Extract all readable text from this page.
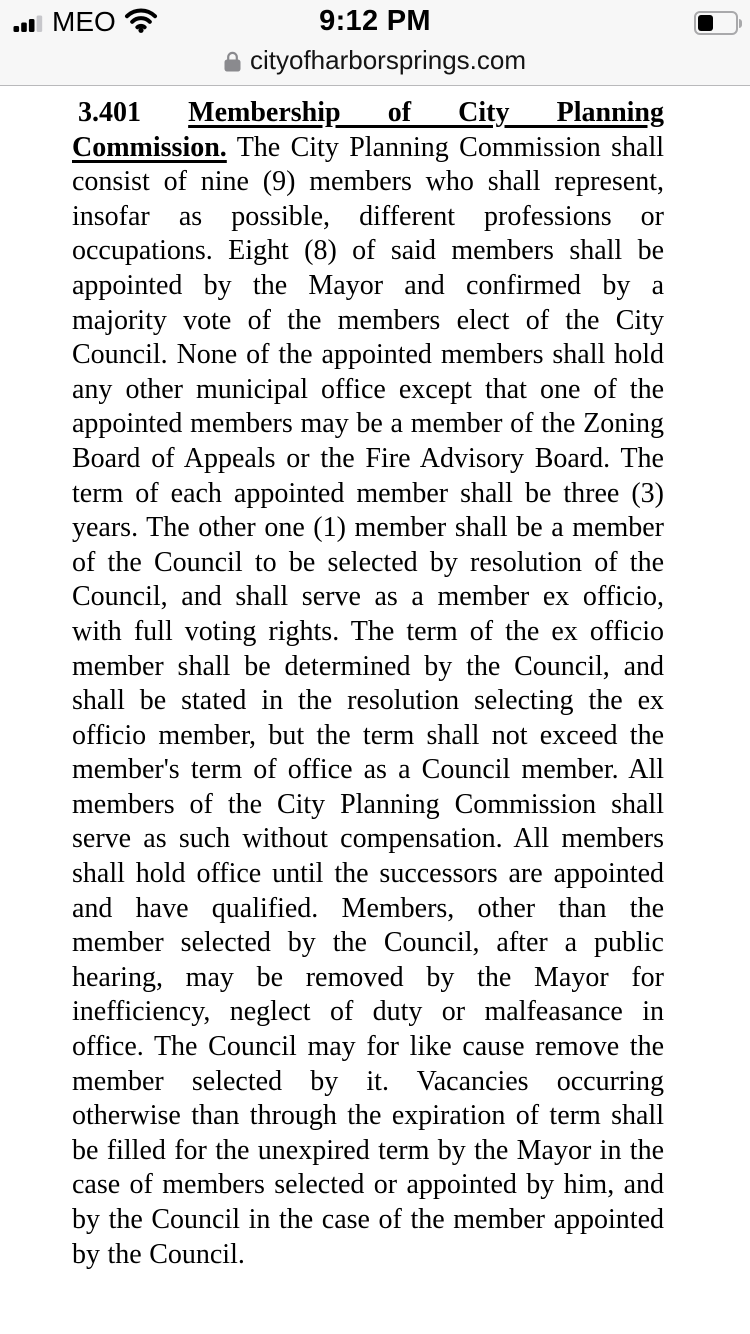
MEO	9:12 PM
cityofharborsprings.com

3.401 Membership of City Planning Commission. The City Planning Commission shall consist of nine (9) members who shall represent, insofar as possible, different professions or occupations. Eight (8) of said members shall be appointed by the Mayor and confirmed by a majority vote of the members elect of the City Council. None of the appointed members shall hold any other municipal office except that one of the appointed members may be a member of the Zoning Board of Appeals or the Fire Advisory Board. The term of each appointed member shall be three (3) years. The other one (1) member shall be a member of the Council to be selected by resolution of the Council, and shall serve as a member ex officio, with full voting rights. The term of the ex officio member shall be determined by the Council, and shall be stated in the resolution selecting the ex officio member, but the term shall not exceed the member's term of office as a Council member. All members of the City Planning Commission shall serve as such without compensation. All members shall hold office until the successors are appointed and have qualified. Members, other than the member selected by the Council, after a public hearing, may be removed by the Mayor for inefficiency, neglect of duty or malfeasance in office. The Council may for like cause remove the member selected by it. Vacancies occurring otherwise than through the expiration of term shall be filled for the unexpired term by the Mayor in the case of members selected or appointed by him, and by the Council in the case of the member appointed by the Council.
